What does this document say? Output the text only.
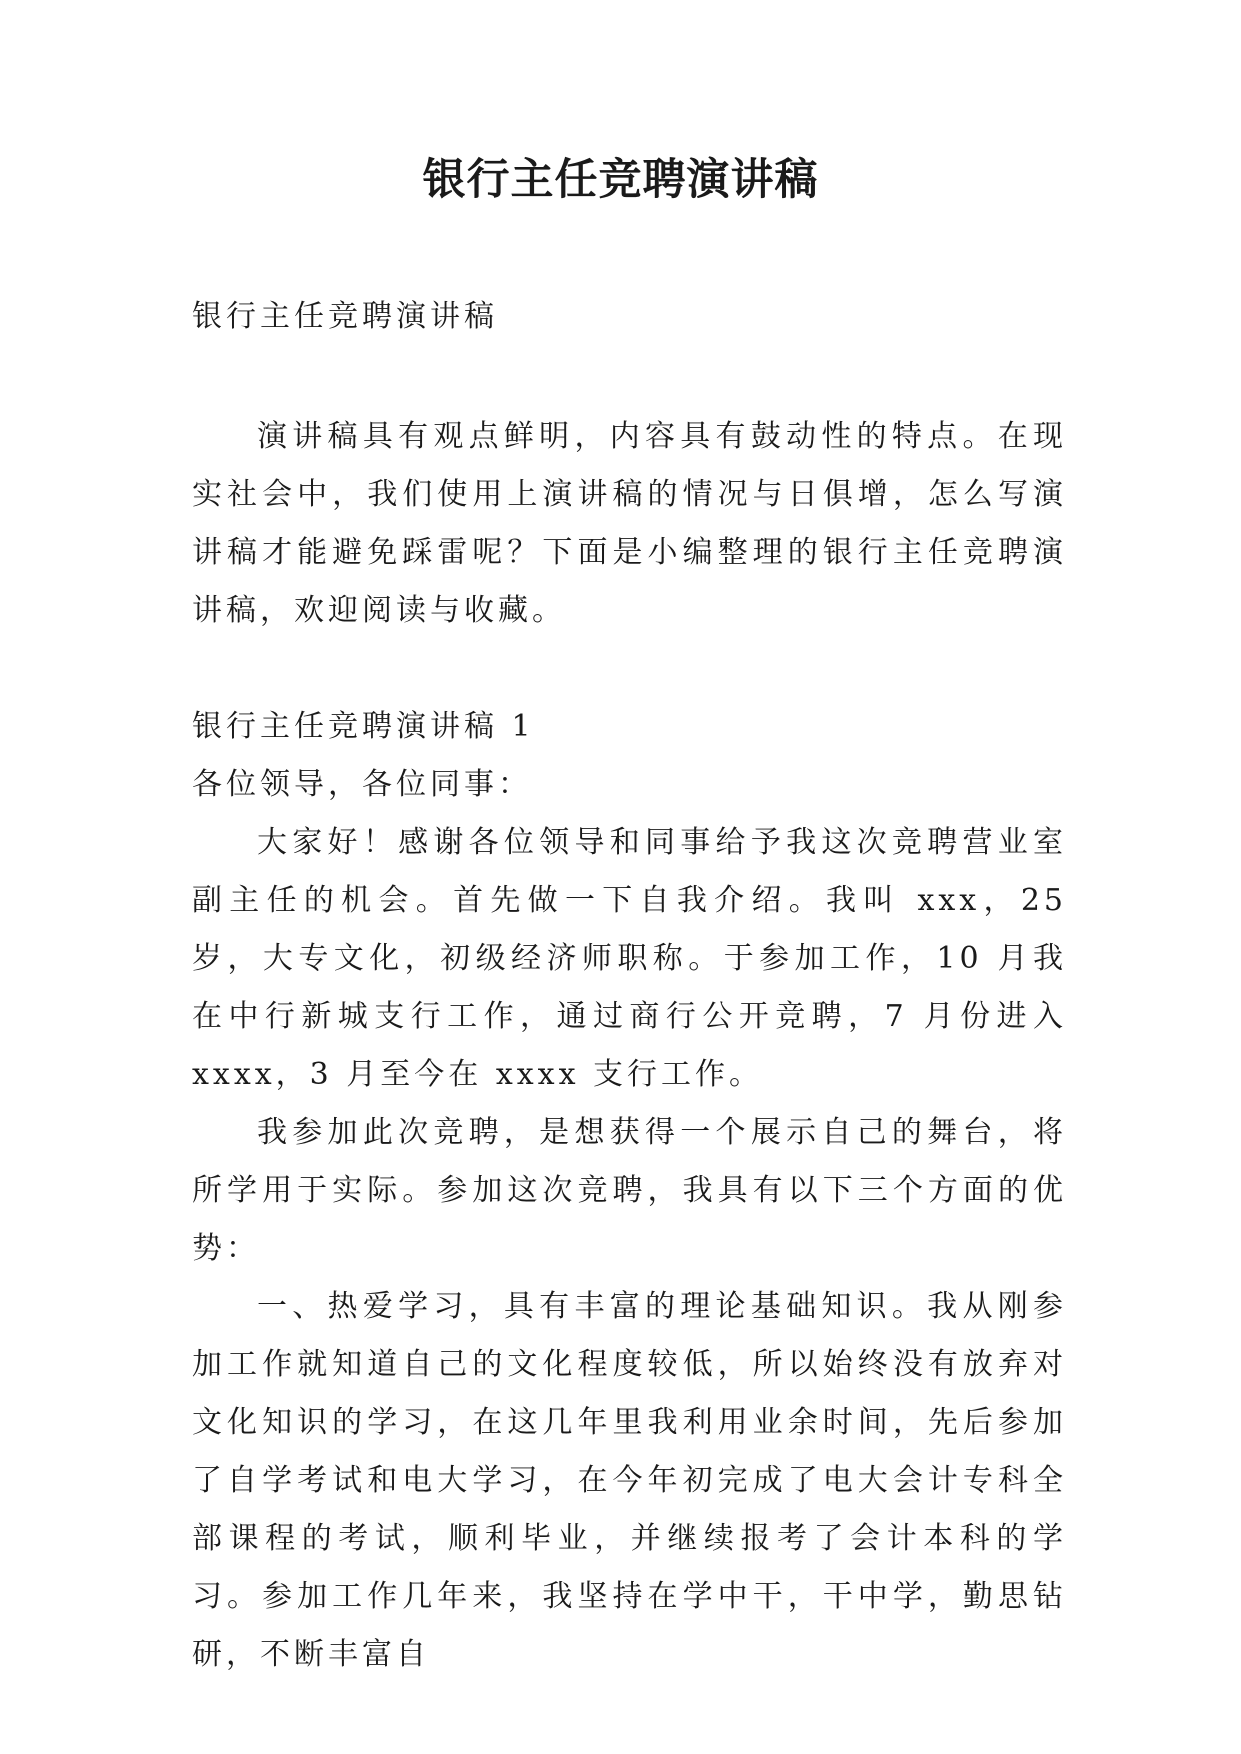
银行主任竞聘演讲稿

银行主任竞聘演讲稿

演讲稿具有观点鲜明，内容具有鼓动性的特点。在现实社会中，我们使用上演讲稿的情况与日俱增，怎么写演讲稿才能避免踩雷呢？下面是小编整理的银行主任竞聘演讲稿，欢迎阅读与收藏。

银行主任竞聘演讲稿 1

各位领导，各位同事：

大家好！感谢各位领导和同事给予我这次竞聘营业室副主任的机会。首先做一下自我介绍。我叫 xxx，25 岁，大专文化，初级经济师职称。于参加工作，10 月我在中行新城支行工作，通过商行公开竞聘，7 月份进入 xxxx，3 月至今在 xxxx 支行工作。

我参加此次竞聘，是想获得一个展示自己的舞台，将所学用于实际。参加这次竞聘，我具有以下三个方面的优势：

一、热爱学习，具有丰富的理论基础知识。我从刚参加工作就知道自己的文化程度较低，所以始终没有放弃对文化知识的学习，在这几年里我利用业余时间，先后参加了自学考试和电大学习，在今年初完成了电大会计专科全部课程的考试，顺利毕业，并继续报考了会计本科的学习。参加工作几年来，我坚持在学中干，干中学，勤思钻研，不断丰富自
